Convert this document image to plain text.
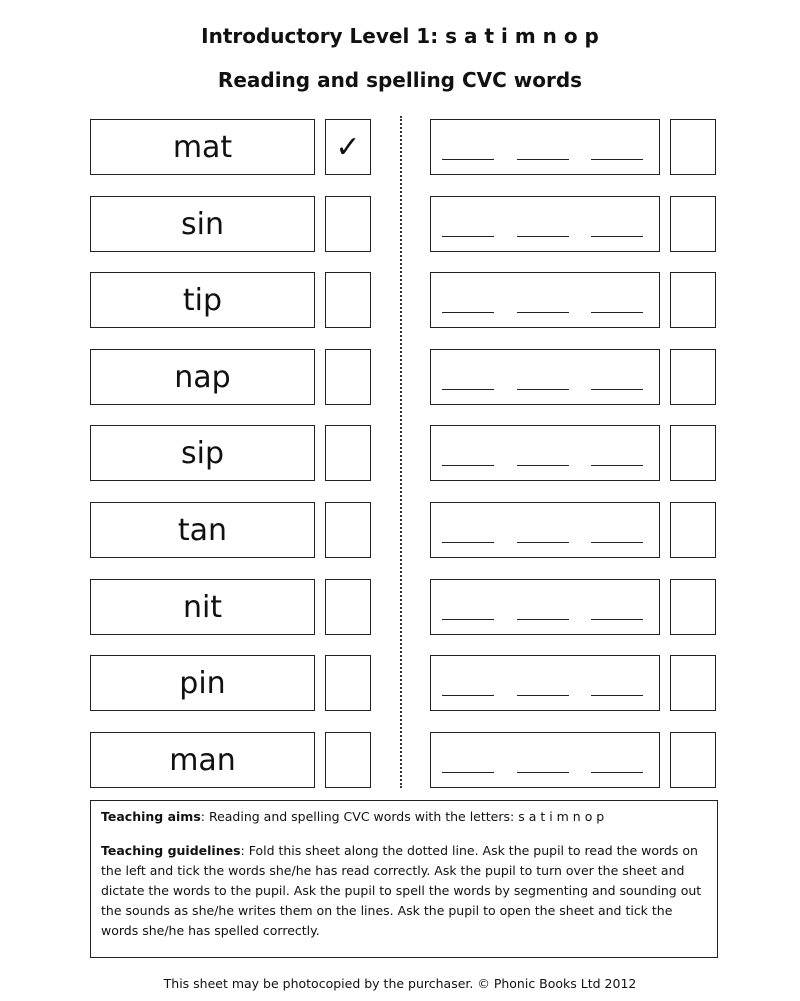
Introductory Level 1: s a t i m n o p
Reading and spelling CVC words
mat	✓
sin
tip
nap
sip
tan
nit
pin
man

Teaching aims: Reading and spelling CVC words with the letters: s a t i m n o p

Teaching guidelines: Fold this sheet along the dotted line. Ask the pupil to read the words on the left and tick the words she/he has read correctly. Ask the pupil to turn over the sheet and dictate the words to the pupil. Ask the pupil to spell the words by segmenting and sounding out the sounds as she/he writes them on the lines. Ask the pupil to open the sheet and tick the words she/he has spelled correctly.

This sheet may be photocopied by the purchaser. © Phonic Books Ltd 2012
